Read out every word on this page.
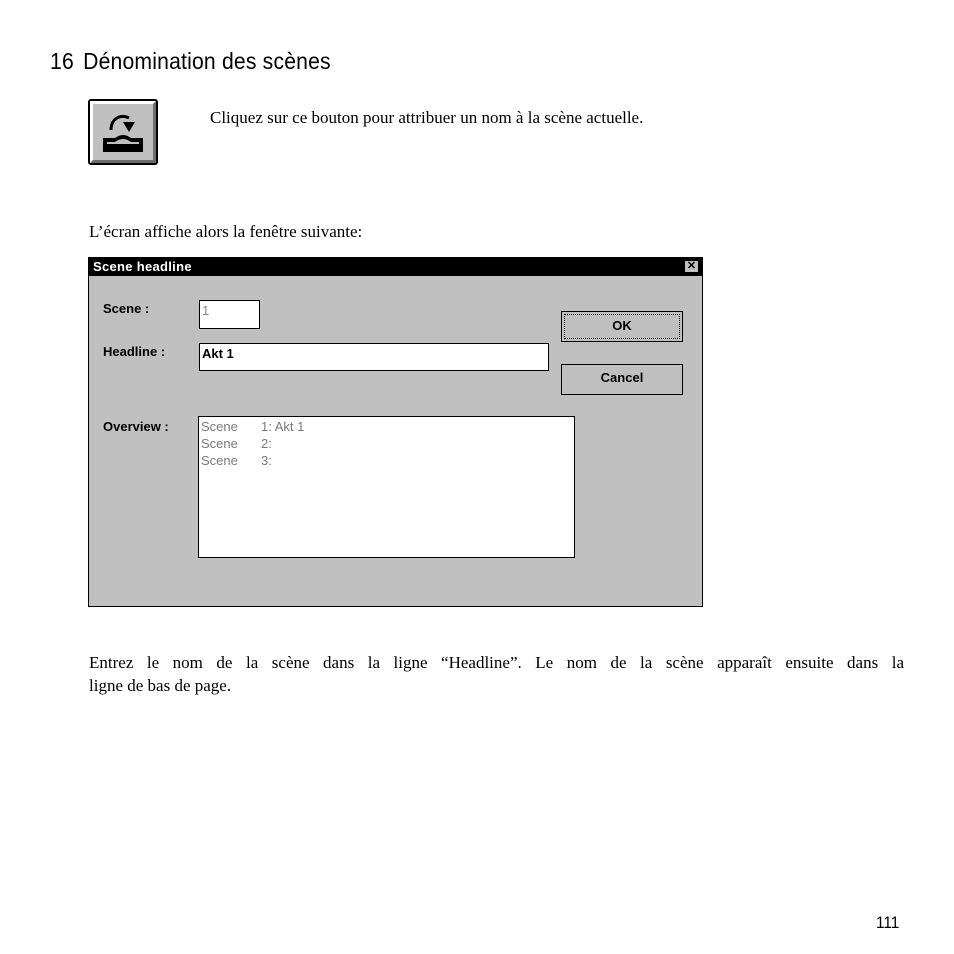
16 Dénomination des scènes

Cliquez sur ce bouton pour attribuer un nom à la scène actuelle.

L’écran affiche alors la fenêtre suivante:

Scene headline	✕
Scene :	1
Headline :	Akt 1
OK
Cancel
Overview : Scene 1: Akt 1
Scene 2:
Scene 3:

Entrez le nom de la scène dans la ligne “Headline”. Le nom de la scène apparaît ensuite dans la
ligne de bas de page.

111
